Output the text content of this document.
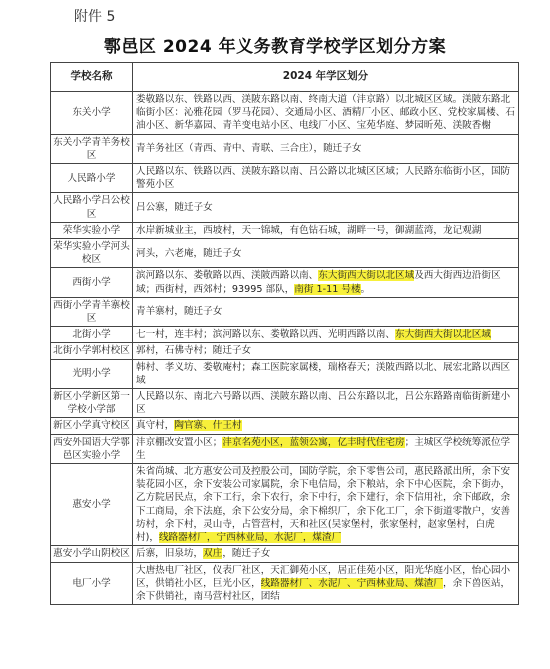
附件 5
鄠邑区 2024 年义务教育学校学区划分方案
学校名称	2024 年学区划分
东关小学	娄敬路以东、铁路以西、渼陂东路以南、终南大道（沣京路）以北城区区域。渼陂东路北临街小区：沁雅花园（罗马花园）、交通局小区、酒精厂小区、邮政小区、党校家属楼、石油小区、新华嘉园、青羊变电站小区、电线厂小区、宝苑华庭、梦园昕苑、渼陂香榭
东关小学青羊务校区	青羊务社区（青西、青中、青联、三合庄），随迁子女
人民路小学	人民路以东、铁路以西、渼陂东路以南、吕公路以北城区区域；人民路东临街小区，国防警苑小区
人民路小学吕公校区	吕公寨，随迁子女
荣华实验小学	水岸新城业主，西坡村，天一锦城，有色钻石城，湖畔一号，御湖蓝湾，龙记观湖
荣华实验小学河头校区	河头，六老庵，随迁子女
西街小学	滨河路以东、娄敬路以西、渼陂西路以南、东大街西大街以北区域及西大街西边沿街区域；西街村，西郊村；93995 部队，南街 1-11 号楼。
西街小学青羊寨校区	青羊寨村，随迁子女
北街小学	七一村，连丰村；滨河路以东、娄敬路以西、光明西路以南、东大街西大街以北区域
北街小学郭村校区	郭村，石佛寺村；随迁子女
光明小学	韩村、孝义坊、娄敬庵村；森工医院家属楼，瑞格春天；渼陂西路以北、展宏北路以西区域
新区小学新区第一学校小学部	人民路以东、南北六号路以西、渼陂东路以南、吕公东路以北，吕公东路路南临街新建小区
新区小学真守校区	真守村，陶官寨、什王村
西安外国语大学鄠邑区实验小学	沣京棚改安置小区；沣京名苑小区，蓝领公寓，亿丰时代住宅房；主城区学校统筹派位学生
惠安小学	朱省尚城、北方惠安公司及控股公司，国防学院，余下零售公司，惠民路派出所，余下安装花园小区，余下安装公司家属院，余下电信局，余下粮站，余下中心医院，余下街办，乙方院居民点，余下工行，余下农行，余下中行，余下建行，余下信用社，余下邮政，余下工商局，余下法庭，余下公安分局，余下棉织厂，余下化工厂，余下街道零散户，安善坊村，余下村，灵山寺，占管营村，天和社区(吴家堡村，张家堡村，赵家堡村，白虎村)，线路器材厂，宁西林业局，水泥厂，煤渣厂
惠安小学山阴校区	后寨，旧泉坊，双庄，随迁子女
电厂小学	大唐热电厂社区，仪表厂社区，天汇御苑小区，居正佳苑小区，阳光华庭小区，怡心园小区，供销社小区，巨光小区，线路器材厂、水泥厂、宁西林业局、煤渣厂，余下兽医站，余下供销社，南马营村社区，团结
